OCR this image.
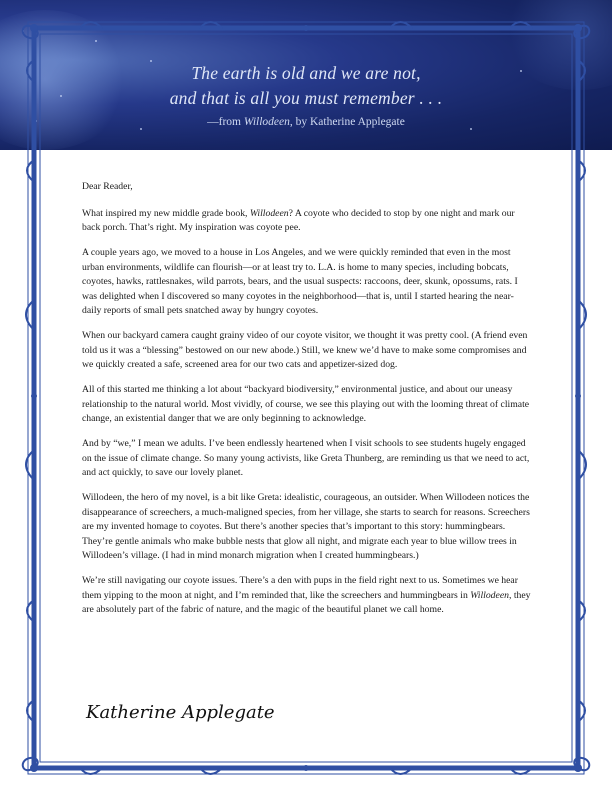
The earth is old and we are not,
and that is all you must remember . . .
—from Willodeen, by Katherine Applegate

Dear Reader,

What inspired my new middle grade book, Willodeen? A coyote who decided to stop by one night and mark our back porch. That’s right. My inspiration was coyote pee.

A couple years ago, we moved to a house in Los Angeles, and we were quickly reminded that even in the most urban environments, wildlife can flourish—or at least try to. L.A. is home to many species, including bobcats, coyotes, hawks, rattlesnakes, wild parrots, bears, and the usual suspects: raccoons, deer, skunk, opossums, rats. I was delighted when I discovered so many coyotes in the neighborhood—that is, until I started hearing the near-daily reports of small pets snatched away by hungry coyotes.

When our backyard camera caught grainy video of our coyote visitor, we thought it was pretty cool. (A friend even told us it was a “blessing” bestowed on our new abode.) Still, we knew we’d have to make some compromises and we quickly created a safe, screened area for our two cats and appetizer-sized dog.

All of this started me thinking a lot about “backyard biodiversity,” environmental justice, and about our uneasy relationship to the natural world. Most vividly, of course, we see this playing out with the looming threat of climate change, an existential danger that we are only beginning to acknowledge.

And by “we,” I mean we adults. I’ve been endlessly heartened when I visit schools to see students hugely engaged on the issue of climate change. So many young activists, like Greta Thunberg, are reminding us that we need to act, and act quickly, to save our lovely planet.

Willodeen, the hero of my novel, is a bit like Greta: idealistic, courageous, an outsider. When Willodeen notices the disappearance of screechers, a much-maligned species, from her village, she starts to search for reasons. Screechers are my invented homage to coyotes. But there’s another species that’s important to this story: hummingbears. They’re gentle animals who make bubble nests that glow all night, and migrate each year to blue willow trees in Willodeen’s village. (I had in mind monarch migration when I created hummingbears.)

We’re still navigating our coyote issues. There’s a den with pups in the field right next to us. Sometimes we hear them yipping to the moon at night, and I’m reminded that, like the screechers and hummingbears in Willodeen, they are absolutely part of the fabric of nature, and the magic of the beautiful planet we call home.

Katherine Applegate
